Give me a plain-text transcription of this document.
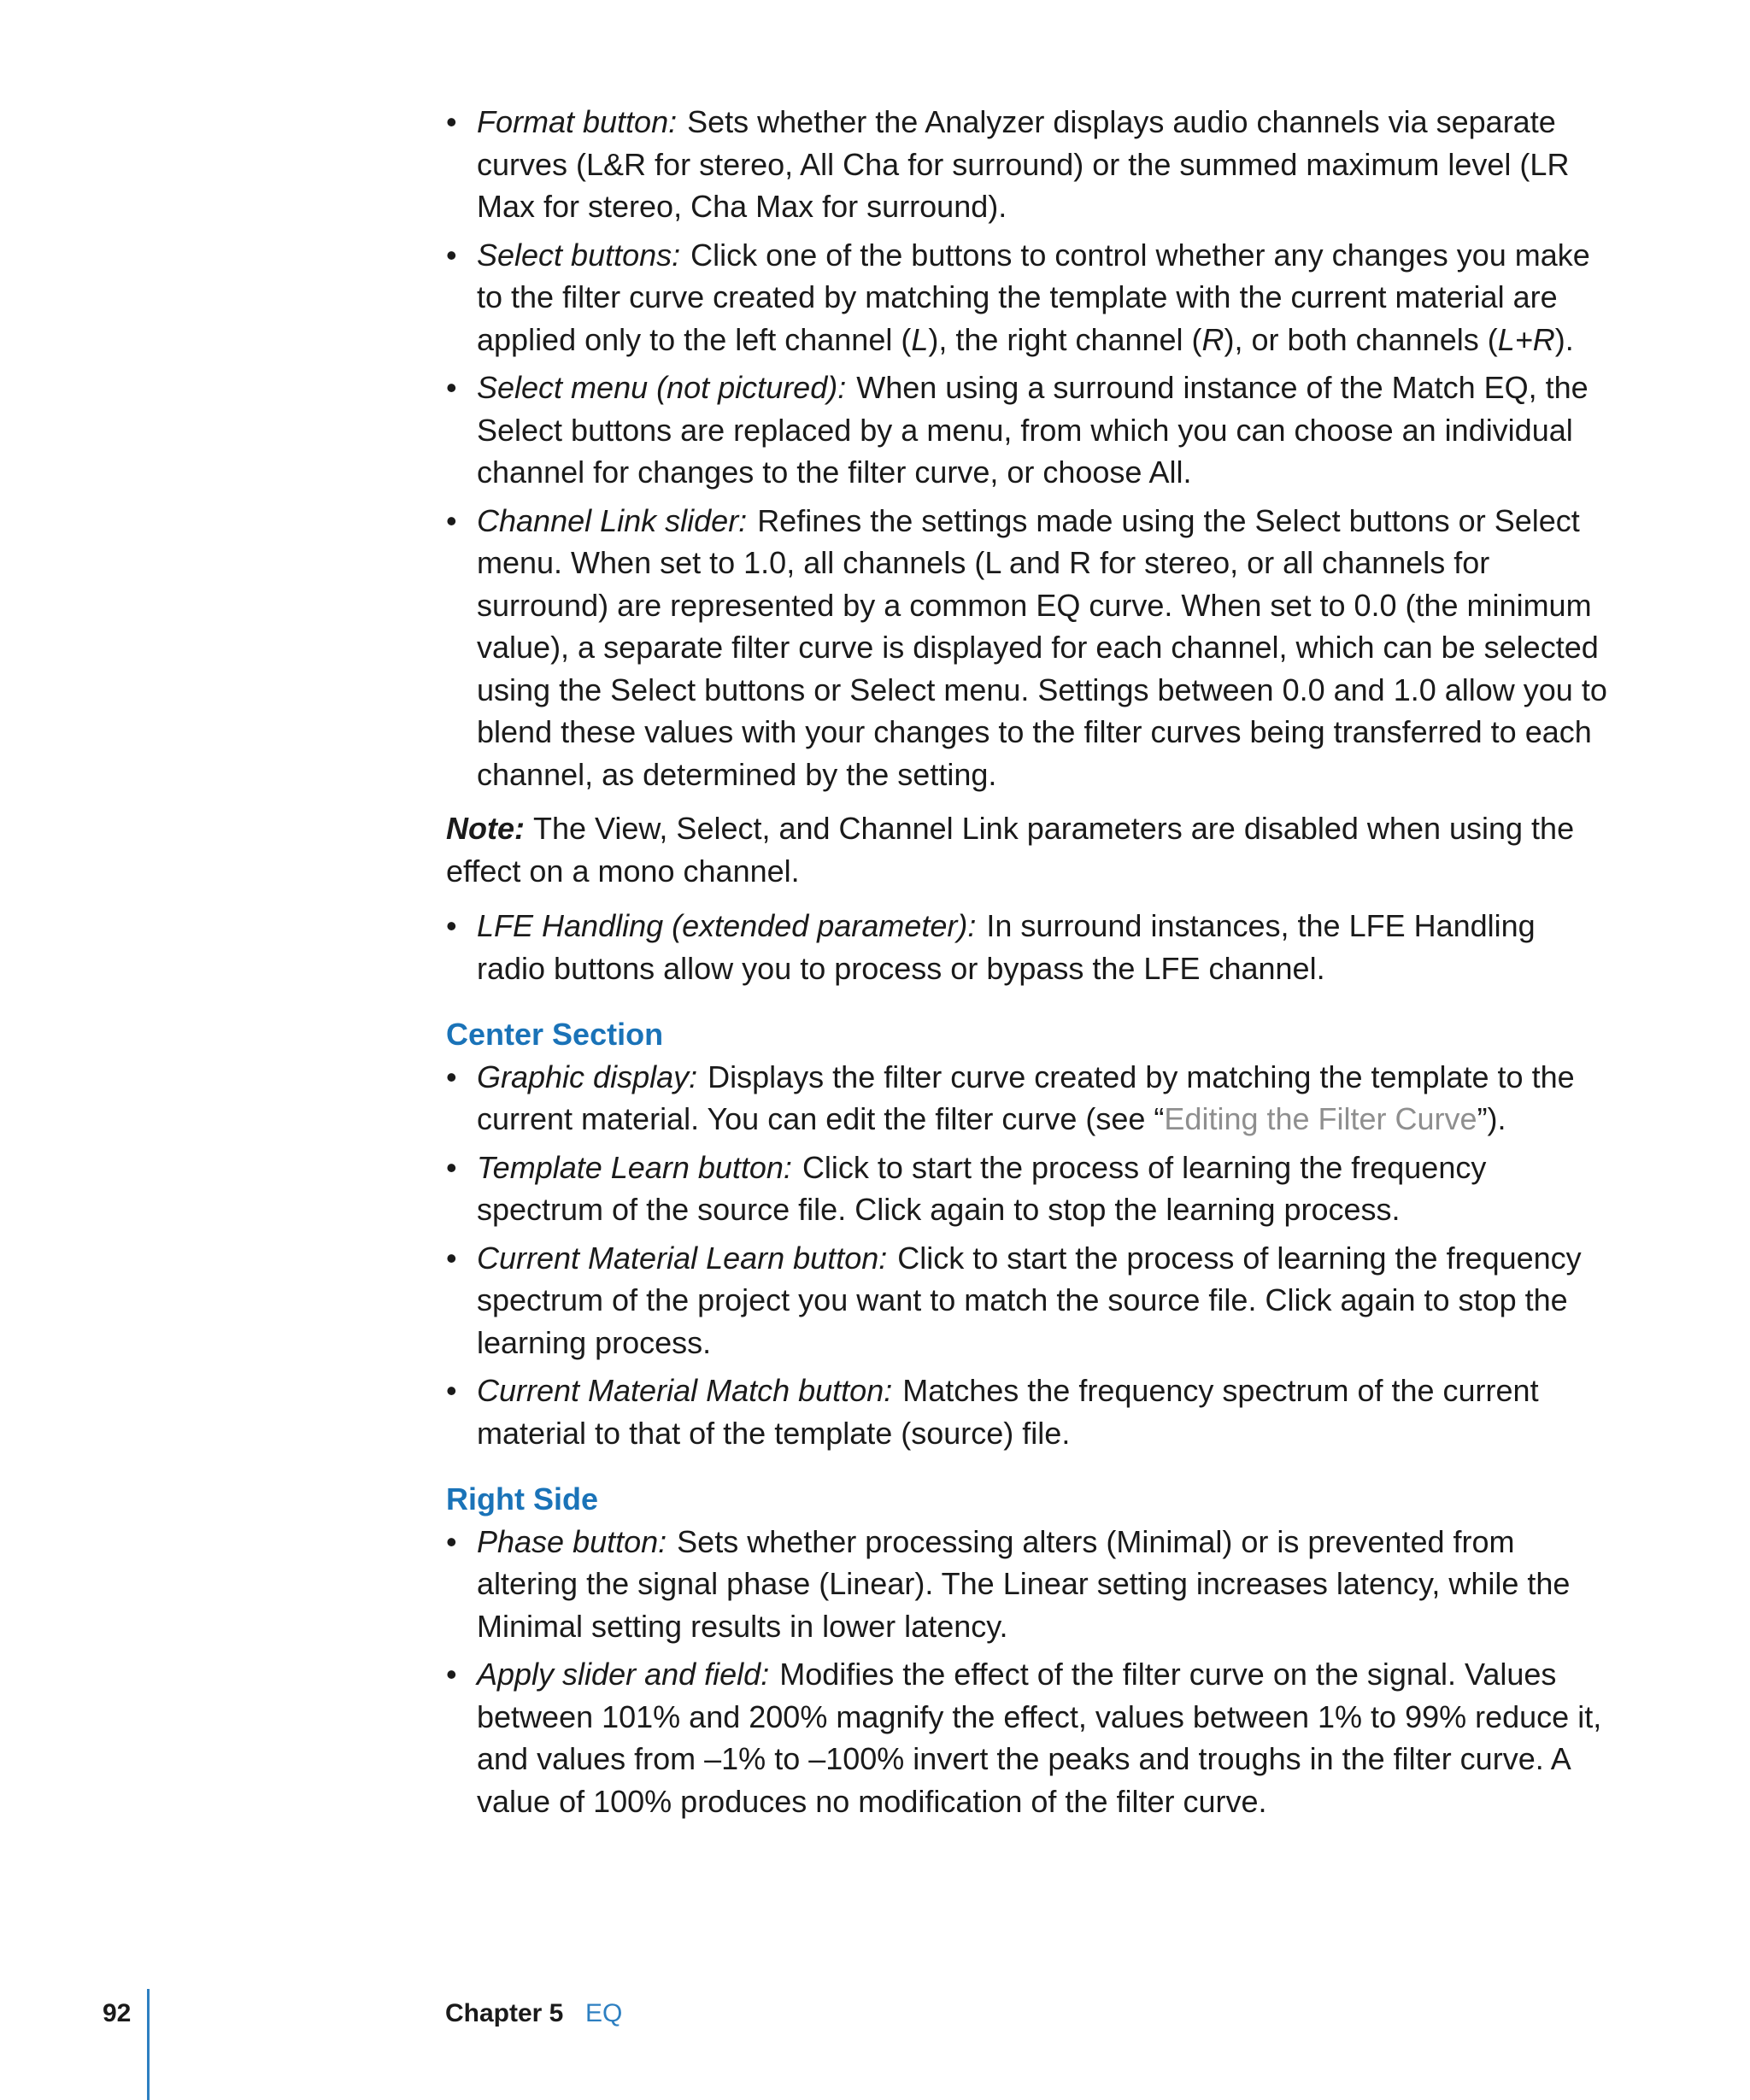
• Format button: Sets whether the Analyzer displays audio channels via separate curves (L&R for stereo, All Cha for surround) or the summed maximum level (LR Max for stereo, Cha Max for surround).
• Select buttons: Click one of the buttons to control whether any changes you make to the filter curve created by matching the template with the current material are applied only to the left channel (L), the right channel (R), or both channels (L+R).
• Select menu (not pictured): When using a surround instance of the Match EQ, the Select buttons are replaced by a menu, from which you can choose an individual channel for changes to the filter curve, or choose All.
• Channel Link slider: Refines the settings made using the Select buttons or Select menu. When set to 1.0, all channels (L and R for stereo, or all channels for surround) are represented by a common EQ curve. When set to 0.0 (the minimum value), a separate filter curve is displayed for each channel, which can be selected using the Select buttons or Select menu. Settings between 0.0 and 1.0 allow you to blend these values with your changes to the filter curves being transferred to each channel, as determined by the setting.
Note: The View, Select, and Channel Link parameters are disabled when using the effect on a mono channel.
• LFE Handling (extended parameter): In surround instances, the LFE Handling radio buttons allow you to process or bypass the LFE channel.
Center Section
• Graphic display: Displays the filter curve created by matching the template to the current material. You can edit the filter curve (see “Editing the Filter Curve”).
• Template Learn button: Click to start the process of learning the frequency spectrum of the source file. Click again to stop the learning process.
• Current Material Learn button: Click to start the process of learning the frequency spectrum of the project you want to match the source file. Click again to stop the learning process.
• Current Material Match button: Matches the frequency spectrum of the current material to that of the template (source) file.
Right Side
• Phase button: Sets whether processing alters (Minimal) or is prevented from altering the signal phase (Linear). The Linear setting increases latency, while the Minimal setting results in lower latency.
• Apply slider and field: Modifies the effect of the filter curve on the signal. Values between 101% and 200% magnify the effect, values between 1% to 99% reduce it, and values from –1% to –100% invert the peaks and troughs in the filter curve. A value of 100% produces no modification of the filter curve.
92	Chapter 5 EQ
